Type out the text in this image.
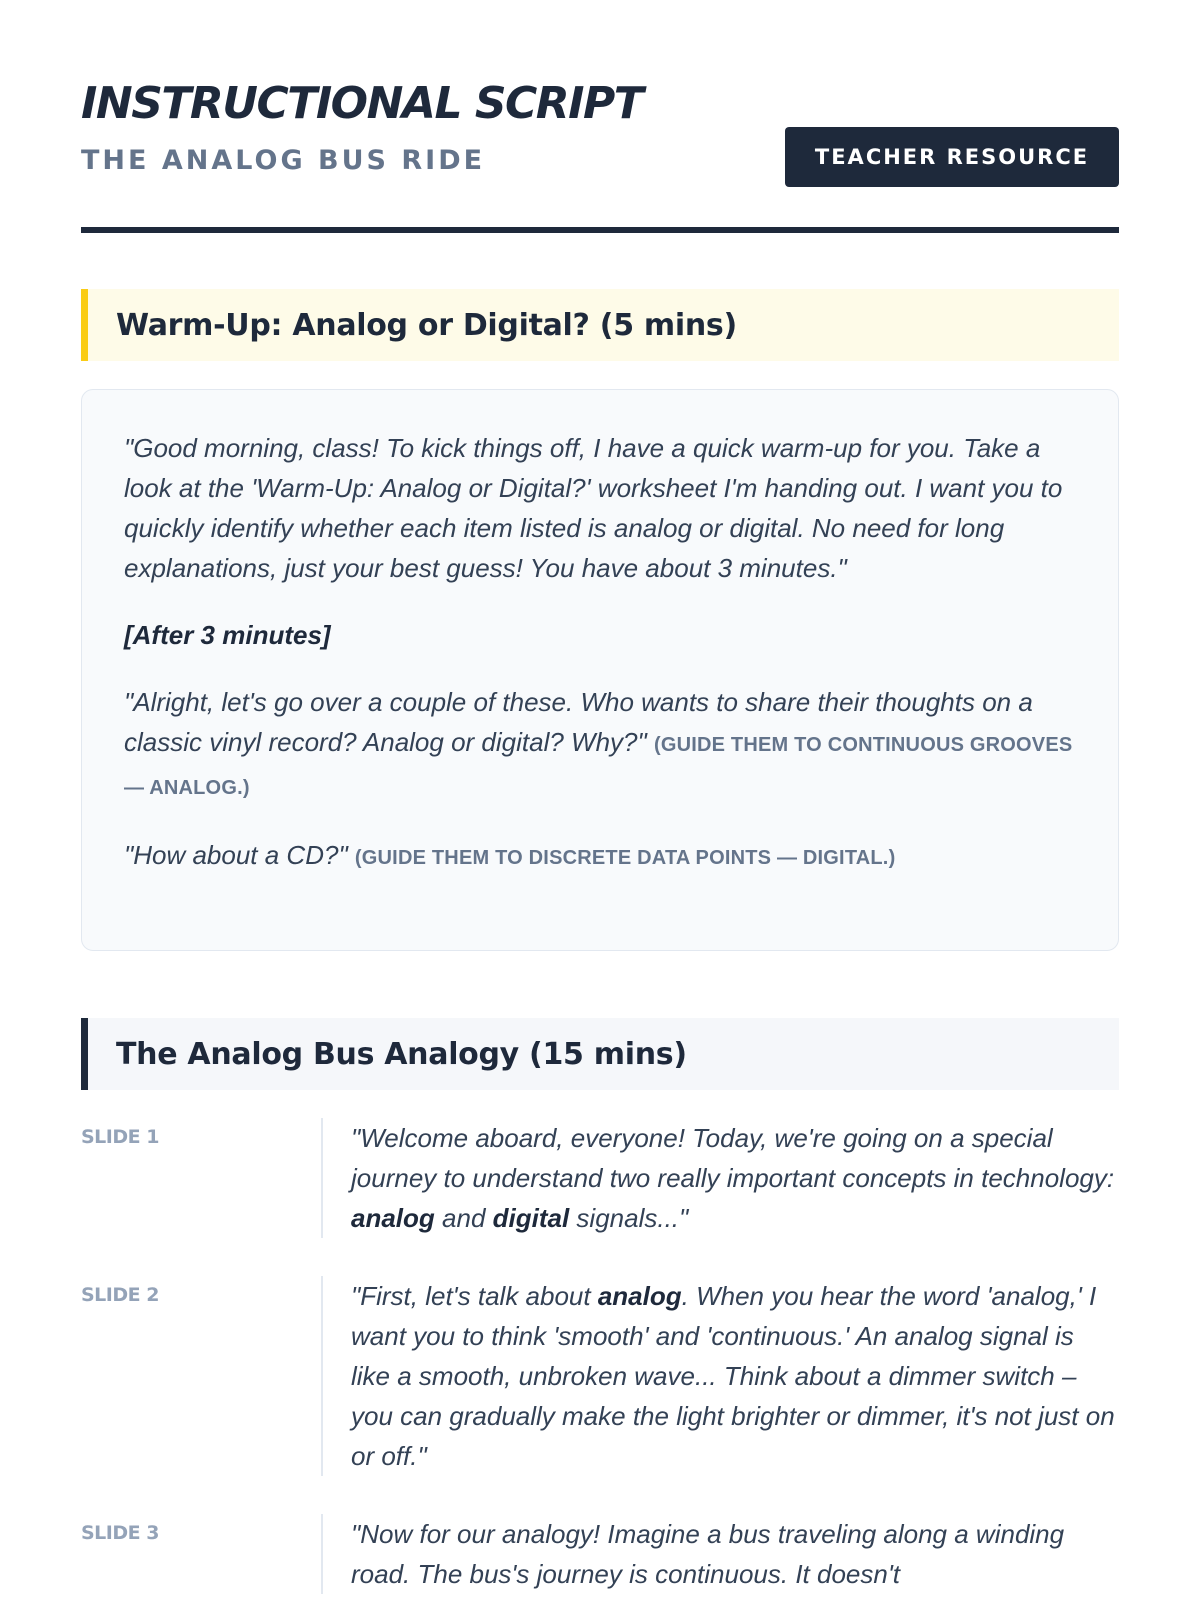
INSTRUCTIONAL SCRIPT
THE ANALOG BUS RIDE	TEACHER RESOURCE
Warm-Up: Analog or Digital? (5 mins)

"Good morning, class! To kick things off, I have a quick warm-up for you. Take a look at the 'Warm-Up: Analog or Digital?' worksheet I'm handing out. I want you to quickly identify whether each item listed is analog or digital. No need for long explanations, just your best guess! You have about 3 minutes."

[After 3 minutes]

"Alright, let's go over a couple of these. Who wants to share their thoughts on a classic vinyl record? Analog or digital? Why?" (GUIDE THEM TO CONTINUOUS GROOVES — ANALOG.)

"How about a CD?" (GUIDE THEM TO DISCRETE DATA POINTS — DIGITAL.)

The Analog Bus Analogy (15 mins)
SLIDE 1	"Welcome aboard, everyone! Today, we're going on a special journey to understand two really important concepts in technology: analog and digital signals..."

SLIDE 2	"First, let's talk about analog. When you hear the word 'analog,' I want you to think 'smooth' and 'continuous.' An analog signal is like a smooth, unbroken wave... Think about a dimmer switch – you can gradually make the light brighter or dimmer, it's not just on or off."

SLIDE 3	"Now for our analogy! Imagine a bus traveling along a winding road. The bus's journey is continuous. It doesn't
